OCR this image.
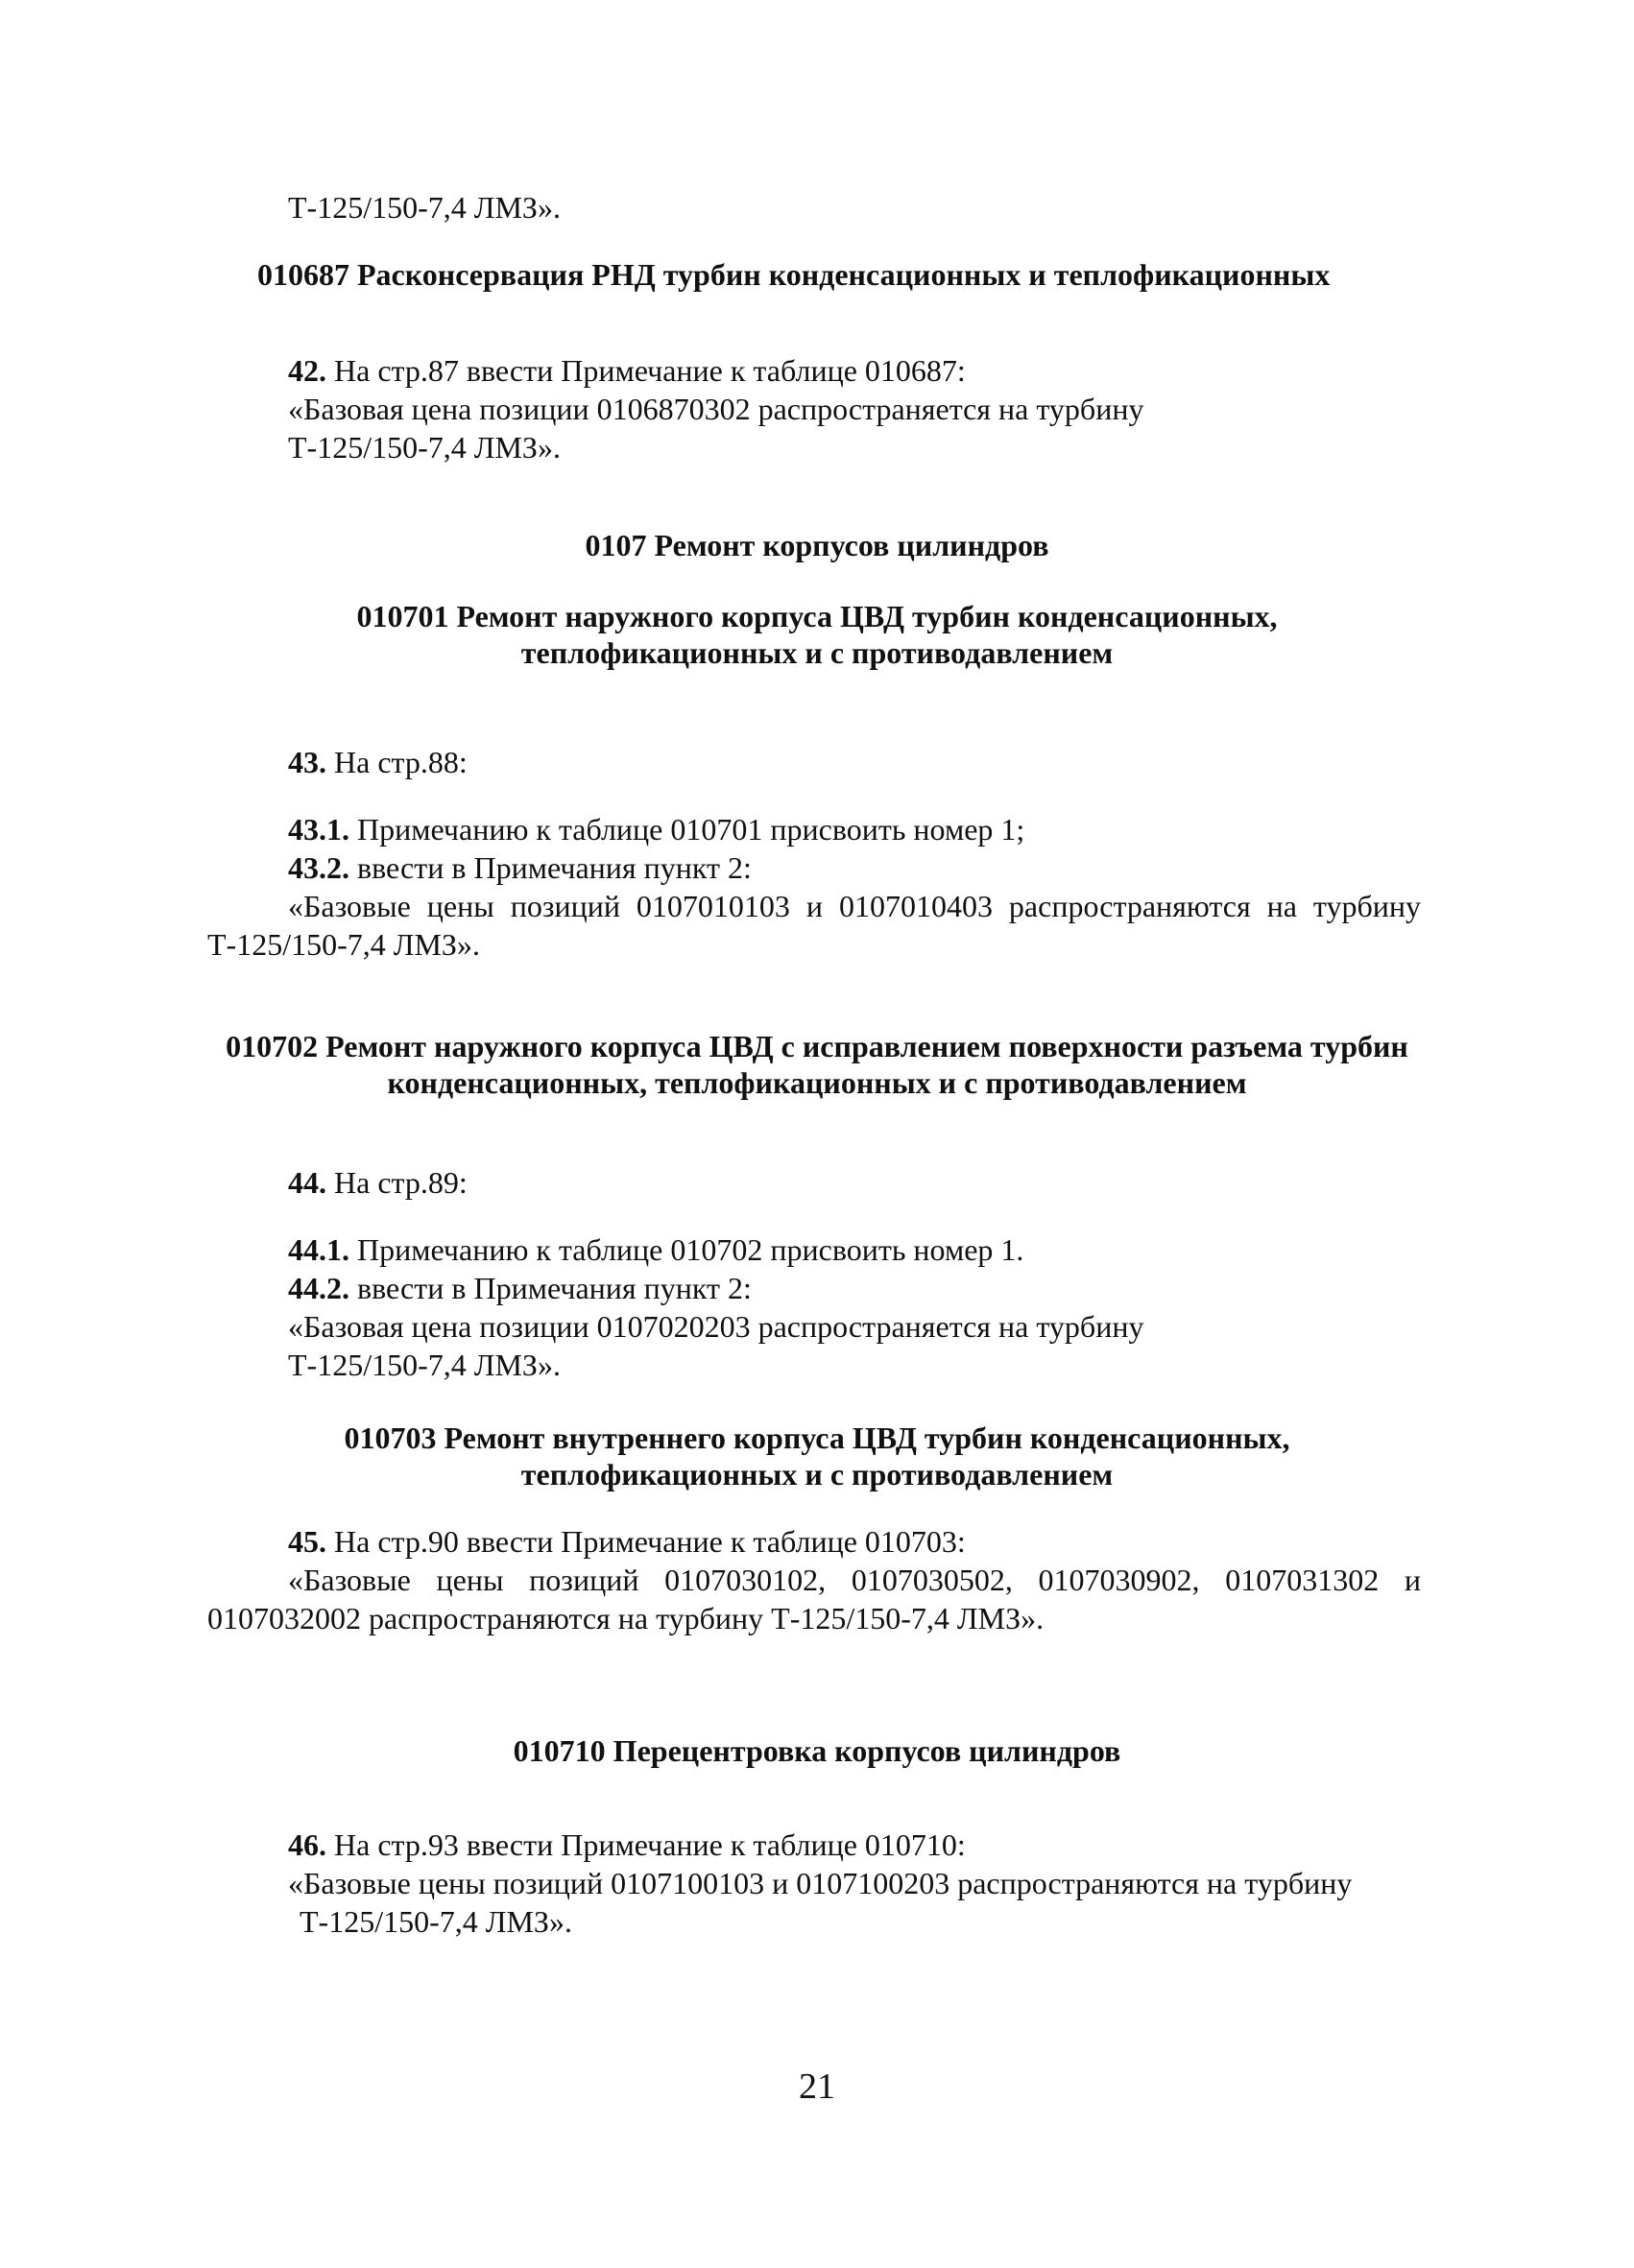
Т-125/150-7,4 ЛМЗ».
010687 Расконсервация РНД турбин конденсационных и теплофикационных
42. На стр.87 ввести Примечание к таблице 010687:
«Базовая цена позиции 0106870302 распространяется на турбину
Т-125/150-7,4 ЛМЗ».
0107 Ремонт корпусов цилиндров
010701 Ремонт наружного корпуса ЦВД турбин конденсационных,
теплофикационных и с противодавлением
43. На стр.88:
43.1. Примечанию к таблице 010701 присвоить номер 1;
43.2. ввести в Примечания пункт 2:
«Базовые цены позиций 0107010103 и 0107010403 распространяются на турбину
Т-125/150-7,4 ЛМЗ».
010702 Ремонт наружного корпуса ЦВД с исправлением поверхности разъема турбин
конденсационных, теплофикационных и с противодавлением
44. На стр.89:
44.1. Примечанию к таблице 010702 присвоить номер 1.
44.2. ввести в Примечания пункт 2:
«Базовая цена позиции 0107020203 распространяется на турбину
Т-125/150-7,4 ЛМЗ».
010703 Ремонт внутреннего корпуса ЦВД турбин конденсационных,
теплофикационных и с противодавлением
45. На стр.90 ввести Примечание к таблице 010703:
«Базовые цены позиций 0107030102, 0107030502, 0107030902, 0107031302 и
0107032002 распространяются на турбину Т-125/150-7,4 ЛМЗ».
010710 Перецентровка корпусов цилиндров
46. На стр.93 ввести Примечание к таблице 010710:
«Базовые цены позиций 0107100103 и 0107100203 распространяются на турбину
Т-125/150-7,4 ЛМЗ».
21
